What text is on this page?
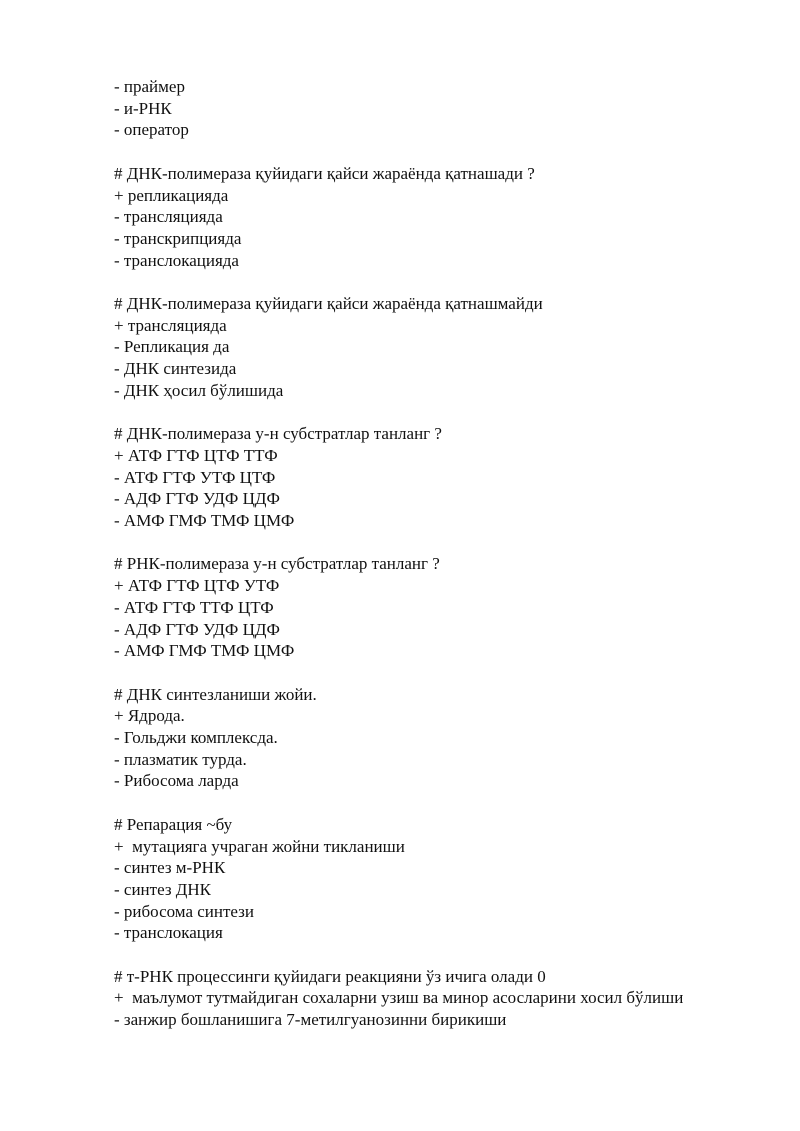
- праймер
- и-РНК
- оператор
# ДНК-полимераза қуйидаги қайси жараёнда қатнашади ?
+ репликацияда
- трансляцияда
- транскрипцияда
- транслокацияда
# ДНК-полимераза қуйидаги қайси жараёнда қатнашмайди
+ трансляцияда
- Репликация да
- ДНК синтезида
- ДНК ҳосил бўлишида
# ДНК-полимераза у-н субстратлар танланг ?
+ АТФ ГТФ ЦТФ ТТФ
- АТФ ГТФ УТФ ЦТФ
- АДФ ГТФ УДФ ЦДФ
- АМФ ГМФ ТМФ ЦМФ
# РНК-полимераза у-н субстратлар танланг ?
+ АТФ ГТФ ЦТФ УТФ
- АТФ ГТФ ТТФ ЦТФ
- АДФ ГТФ УДФ ЦДФ
- АМФ ГМФ ТМФ ЦМФ
# ДНК синтезланиши жойи.
+ Ядрода.
- Гольджи комплексда.
- плазматик турда.
- Рибосома ларда
# Репарация ~бу
+  мутацияга учраган жойни тикланиши
- синтез м-РНК
- синтез ДНК
- рибосома синтези
- транслокация
# т-РНК процессинги қуйидаги реакцияни ўз ичига олади 0
+  маълумот тутмайдиган сохаларни узиш ва минор асосларини хосил бўлиши
- занжир бошланишига 7-метилгуанозинни бирикиши
